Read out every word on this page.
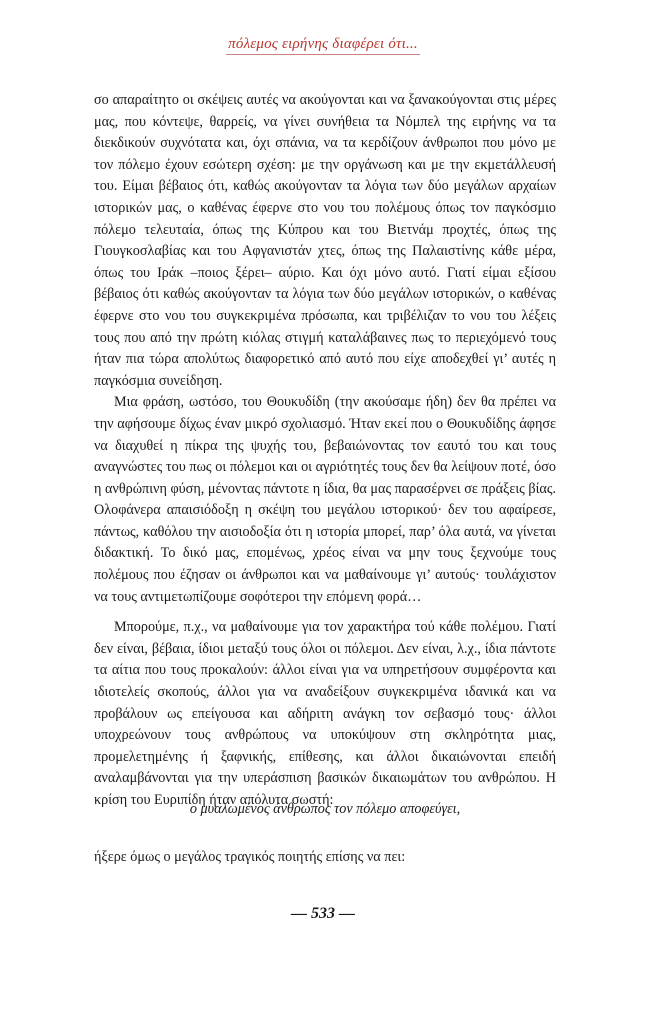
πόλεμος ειρήνης διαφέρει ότι...

σο απαραίτητο οι σκέψεις αυτές να ακούγονται και να ξανακούγονται στις μέρες μας, που κόντεψε, θαρρείς, να γίνει συνήθεια τα Νόμπελ της ειρήνης να τα διεκδικούν συχνότατα και, όχι σπάνια, να τα κερδίζουν άνθρωποι που μόνο με τον πόλεμο έχουν εσώτερη σχέση: με την οργάνωση και με την εκμετάλλευσή του. Είμαι βέβαιος ότι, καθώς ακούγονταν τα λόγια των δύο μεγάλων αρχαίων ιστορικών μας, ο καθένας έφερνε στο νου του πολέμους όπως τον παγκόσμιο πόλεμο τελευταία, όπως της Κύπρου και του Βιετνάμ προχτές, όπως της Γιουγκοσλαβίας και του Αφγανιστάν χτες, όπως της Παλαιστίνης κάθε μέρα, όπως του Ιράκ –ποιος ξέρει– αύριο. Και όχι μόνο αυτό. Γιατί είμαι εξίσου βέβαιος ότι καθώς ακούγονταν τα λόγια των δύο μεγάλων ιστορικών, ο καθένας έφερνε στο νου του συγκεκριμένα πρόσωπα, και τριβέλιζαν το νου του λέξεις τους που από την πρώτη κιόλας στιγμή καταλάβαινες πως το περιεχόμενό τους ήταν πια τώρα απολύτως διαφορετικό από αυτό που είχε αποδεχθεί γι’ αυτές η παγκόσμια συνείδηση.

Μια φράση, ωστόσο, του Θουκυδίδη (την ακούσαμε ήδη) δεν θα πρέπει να την αφήσουμε δίχως έναν μικρό σχολιασμό. Ήταν εκεί που ο Θουκυδίδης άφησε να διαχυθεί η πίκρα της ψυχής του, βεβαιώνοντας τον εαυτό του και τους αναγνώστες του πως οι πόλεμοι και οι αγριότητές τους δεν θα λείψουν ποτέ, όσο η ανθρώπινη φύση, μένοντας πάντοτε η ίδια, θα μας παρασέρνει σε πράξεις βίας. Ολοφάνερα απαισιόδοξη η σκέψη του μεγάλου ιστορικού· δεν του αφαίρεσε, πάντως, καθόλου την αισιοδοξία ότι η ιστορία μπορεί, παρ’ όλα αυτά, να γίνεται διδακτική. Το δικό μας, επομένως, χρέος είναι να μην τους ξεχνούμε τους πολέμους που έζησαν οι άνθρωποι και να μαθαίνουμε γι’ αυτούς· τουλάχιστον να τους αντιμετωπίζουμε σοφότεροι την επόμενη φορά…

Μπορούμε, π.χ., να μαθαίνουμε για τον χαρακτήρα τού κάθε πολέμου. Γιατί δεν είναι, βέβαια, ίδιοι μεταξύ τους όλοι οι πόλεμοι. Δεν είναι, λ.χ., ίδια πάντοτε τα αίτια που τους προκαλούν: άλλοι είναι για να υπηρετήσουν συμφέροντα και ιδιοτελείς σκοπούς, άλλοι για να αναδείξουν συγκεκριμένα ιδανικά και να προβάλουν ως επείγουσα και αδήριτη ανάγκη τον σεβασμό τους· άλλοι υποχρεώνουν τους ανθρώπους να υποκύψουν στη σκληρότητα μιας, προμελετημένης ή ξαφνικής, επίθεσης, και άλλοι δικαιώνονται επειδή αναλαμβάνονται για την υπεράσπιση βασικών δικαιωμάτων του ανθρώπου. Η κρίση του Ευριπίδη ήταν απόλυτα σωστή:

ο μυαλωμένος άνθρωπος τον πόλεμο αποφεύγει,
ήξερε όμως ο μεγάλος τραγικός ποιητής επίσης να πει:
— 533 —
